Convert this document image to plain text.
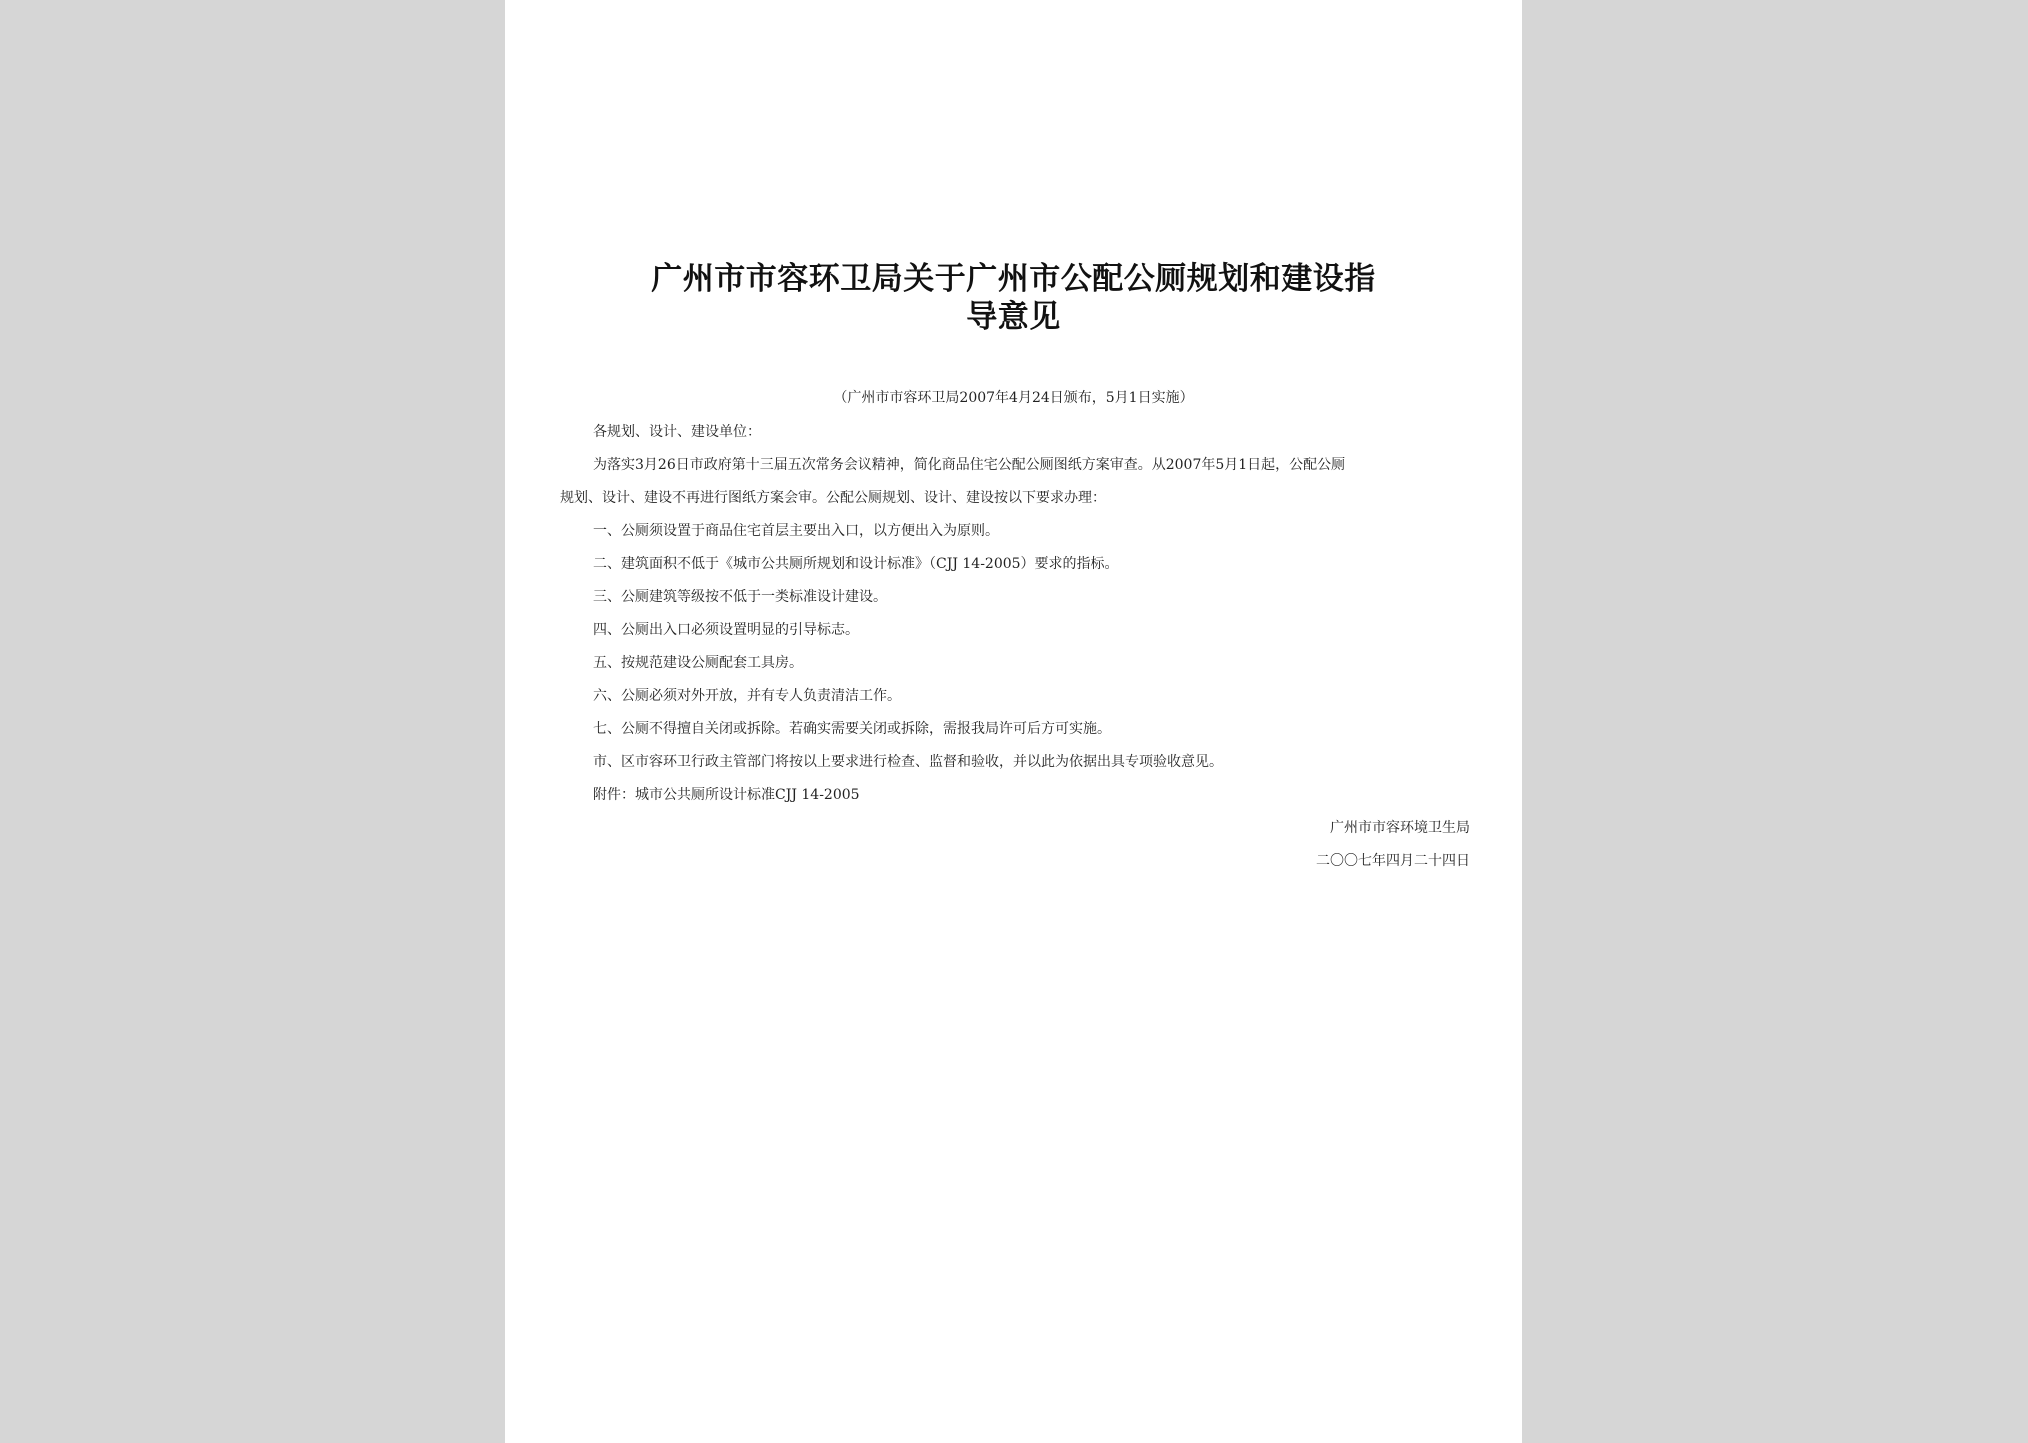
广州市市容环卫局关于广州市公配公厕规划和建设指
导意见
（广州市市容环卫局2007年4月24日颁布，5月1日实施）
各规划、设计、建设单位：
为落实3月26日市政府第十三届五次常务会议精神，简化商品住宅公配公厕图纸方案审查。从2007年5月1日起，公配公厕
规划、设计、建设不再进行图纸方案会审。公配公厕规划、设计、建设按以下要求办理：
一、公厕须设置于商品住宅首层主要出入口，以方便出入为原则。
二、建筑面积不低于《城市公共厕所规划和设计标准》（CJJ 14-2005）要求的指标。
三、公厕建筑等级按不低于一类标准设计建设。
四、公厕出入口必须设置明显的引导标志。
五、按规范建设公厕配套工具房。
六、公厕必须对外开放，并有专人负责清洁工作。
七、公厕不得擅自关闭或拆除。若确实需要关闭或拆除，需报我局许可后方可实施。
市、区市容环卫行政主管部门将按以上要求进行检查、监督和验收，并以此为依据出具专项验收意见。
附件：城市公共厕所设计标准CJJ 14-2005
广州市市容环境卫生局
二〇〇七年四月二十四日
